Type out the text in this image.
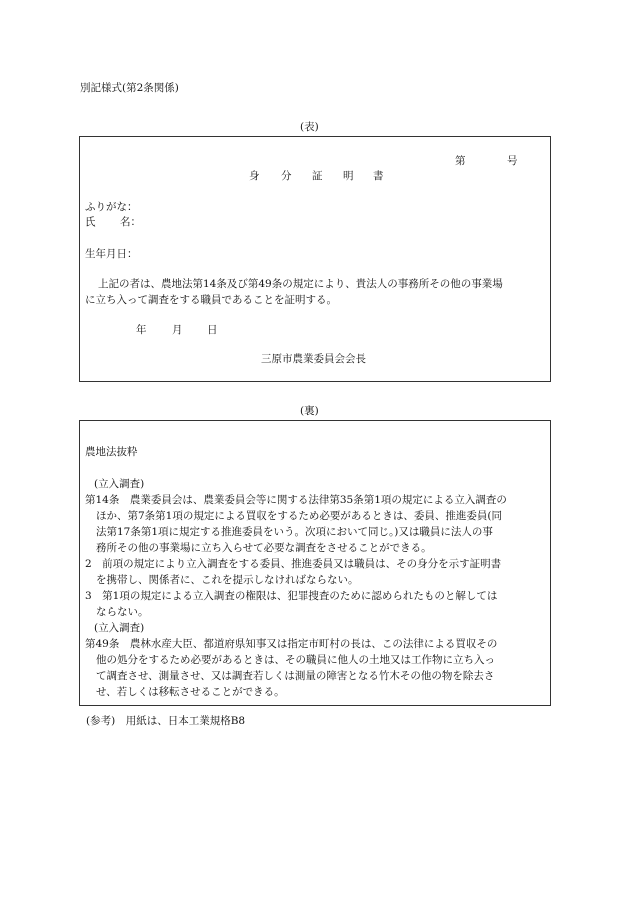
別記様式(第2条関係)
(表)
第	号
身 分 証 明 書
ふりがな：
氏 名：
生年月日：
上記の者は、農地法第14条及び第49条の規定により、貴法人の事務所その他の事業場
に立ち入って調査をする職員であることを証明する。
年 月 日
三原市農業委員会会長
(裏)
農地法抜粋
(立入調査)
第14条　農業委員会は、農業委員会等に関する法律第35条第1項の規定による立入調査の
ほか、第7条第1項の規定による買収をするため必要があるときは、委員、推進委員(同
法第17条第1項に規定する推進委員をいう。次項において同じ。)又は職員に法人の事
務所その他の事業場に立ち入らせて必要な調査をさせることができる。
2　前項の規定により立入調査をする委員、推進委員又は職員は、その身分を示す証明書
を携帯し、関係者に、これを提示しなければならない。
3　第1項の規定による立入調査の権限は、犯罪捜査のために認められたものと解しては
ならない。
(立入調査)
第49条　農林水産大臣、都道府県知事又は指定市町村の長は、この法律による買収その
他の処分をするため必要があるときは、その職員に他人の土地又は工作物に立ち入っ
て調査させ、測量させ、又は調査若しくは測量の障害となる竹木その他の物を除去さ
せ、若しくは移転させることができる。
(参考)　用紙は、日本工業規格B8
